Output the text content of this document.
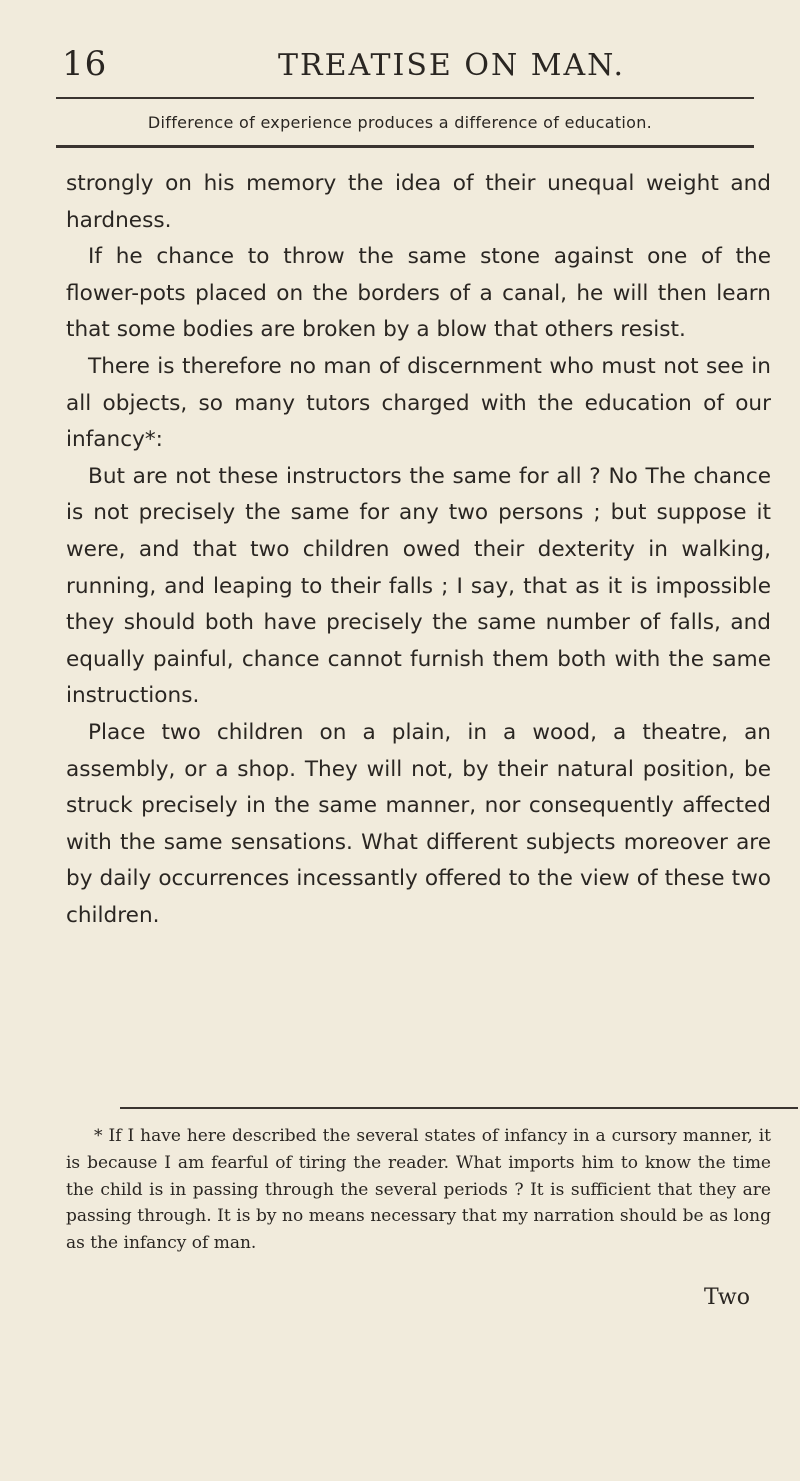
16	TREATISE ON MAN.
Difference of experience produces a difference of education.

strongly on his memory the idea of their unequal weight and hardness.

If he chance to throw the same stone against one of the flower-pots placed on the borders of a canal, he will then learn that some bodies are broken by a blow that others resist.

There is therefore no man of discernment who must not see in all objects, so many tutors charged with the education of our infancy*:

But are not these instructors the same for all ? No The chance is not precisely the same for any two persons ; but suppose it were, and that two children owed their dexterity in walking, running, and leaping to their falls ; I say, that as it is impossible they should both have precisely the same number of falls, and equally painful, chance cannot furnish them both with the same instructions.

Place two children on a plain, in a wood, a theatre, an assembly, or a shop. They will not, by their natural position, be struck precisely in the same manner, nor consequently affected with the same sensations. What different subjects moreover are by daily occurrences incessantly offered to the view of these two children.

* If I have here described the several states of infancy in a cursory manner, it is because I am fearful of tiring the reader. What imports him to know the time the child is in passing through the several periods ? It is sufficient that they are passing through. It is by no means necessary that my narration should be as long as the infancy of man.

Two
